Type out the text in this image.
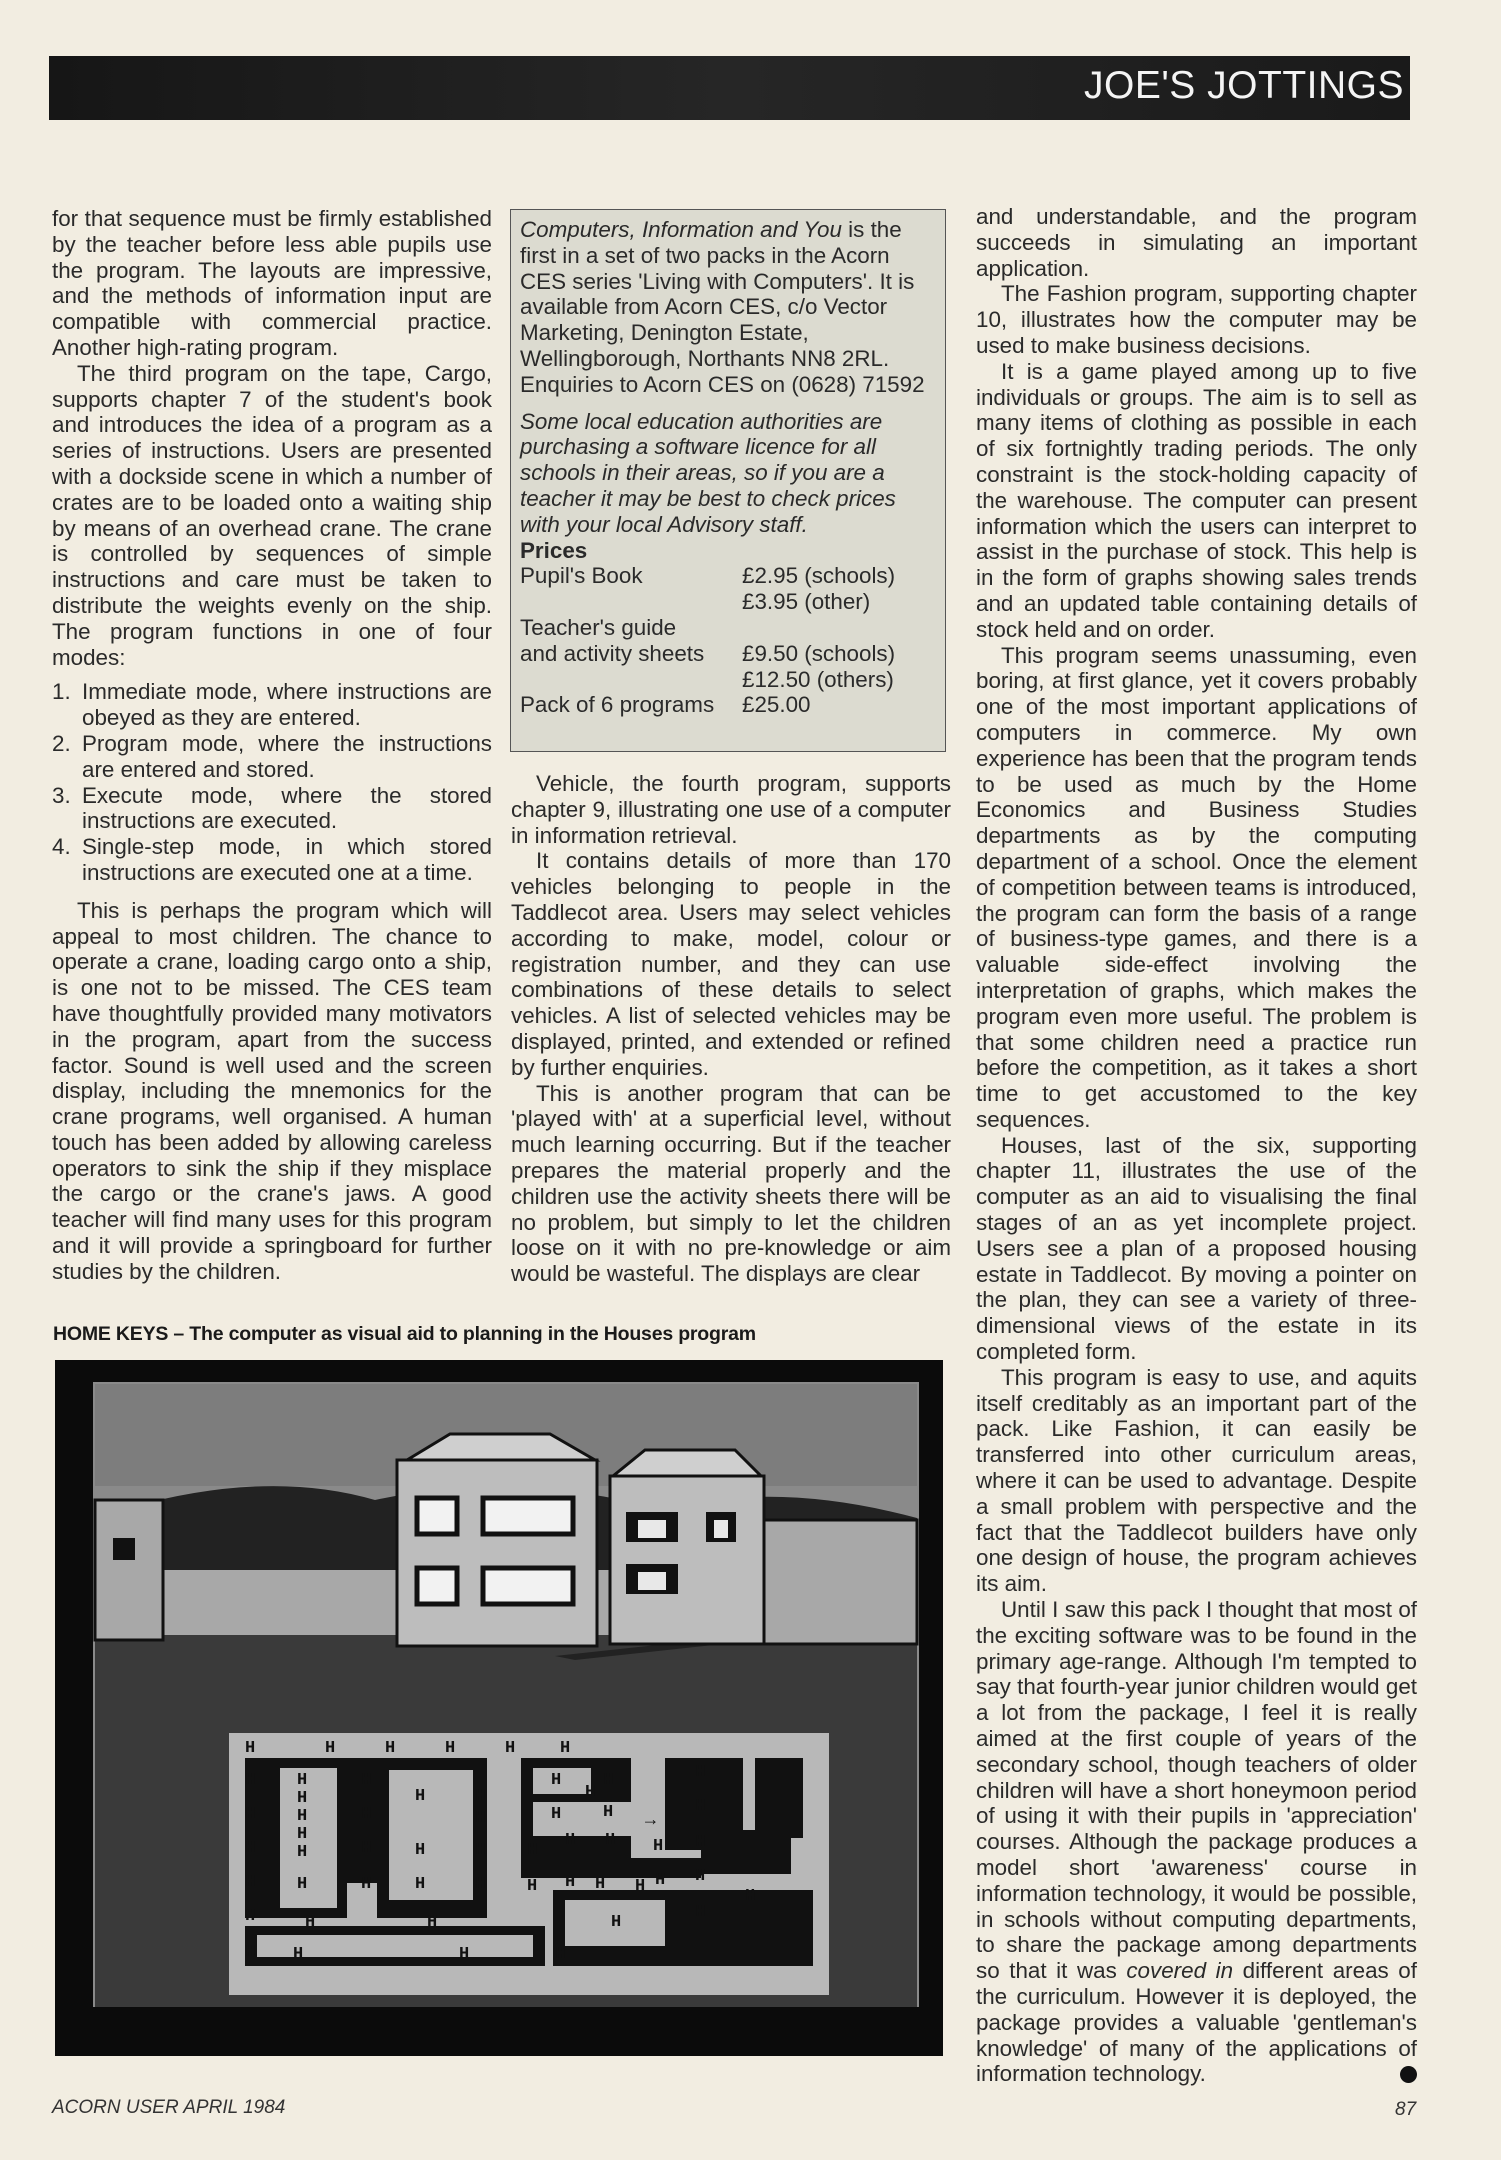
JOE'S JOTTINGS

for that sequence must be firmly established by the teacher before less able pupils use the program. The layouts are impressive, and the methods of information input are compatible with commercial practice. Another high-rating program.

The third program on the tape, Cargo, supports chapter 7 of the student's book and introduces the idea of a program as a series of instructions. Users are presented with a dockside scene in which a number of crates are to be loaded onto a waiting ship by means of an overhead crane. The crane is controlled by sequences of simple instructions and care must be taken to distribute the weights evenly on the ship. The program functions in one of four modes:

1. Immediate mode, where instructions are obeyed as they are entered.
2. Program mode, where the instructions are entered and stored.
3. Execute mode, where the stored instructions are executed.
4. Single-step mode, in which stored instructions are executed one at a time.

This is perhaps the program which will appeal to most children. The chance to operate a crane, loading cargo onto a ship, is one not to be missed. The CES team have thoughtfully provided many motivators in the program, apart from the success factor. Sound is well used and the screen display, including the mnemonics for the crane programs, well organised. A human touch has been added by allowing careless operators to sink the ship if they misplace the cargo or the crane's jaws. A good teacher will find many uses for this program and it will provide a springboard for further studies by the children.

Computers, Information and You is the first in a set of two packs in the Acorn CES series 'Living with Computers'. It is available from Acorn CES, c/o Vector Marketing, Denington Estate, Wellingborough, Northants NN8 2RL.

Enquiries to Acorn CES on (0628) 71592

Some local education authorities are purchasing a software licence for all schools in their areas, so if you are a teacher it may be best to check prices with your local Advisory staff.

Prices

Pupil's Book	£2.95 (schools)
	£3.95 (other)
Teacher's guide	
and activity sheets	£9.50 (schools)
	£12.50 (others)
Pack of 6 programs	£25.00

Vehicle, the fourth program, supports chapter 9, illustrating one use of a computer in information retrieval.

It contains details of more than 170 vehicles belonging to people in the Taddlecot area. Users may select vehicles according to make, model, colour or registration number, and they can use combinations of these details to select vehicles. A list of selected vehicles may be displayed, printed, and extended or refined by further enquiries.

This is another program that can be 'played with' at a superficial level, without much learning occurring. But if the teacher prepares the material properly and the children use the activity sheets there will be no problem, but simply to let the children loose on it with no pre-knowledge or aim would be wasteful. The displays are clear

and understandable, and the program succeeds in simulating an important application.

The Fashion program, supporting chapter 10, illustrates how the computer may be used to make business decisions.

It is a game played among up to five individuals or groups. The aim is to sell as many items of clothing as possible in each of six fortnightly trading periods. The only constraint is the stock-holding capacity of the warehouse. The computer can present information which the users can interpret to assist in the purchase of stock. This help is in the form of graphs showing sales trends and an updated table containing details of stock held and on order.

This program seems unassuming, even boring, at first glance, yet it covers probably one of the most important applications of computers in commerce. My own experience has been that the program tends to be used as much by the Home Economics and Business Studies departments as by the computing department of a school. Once the element of competition between teams is introduced, the program can form the basis of a range of business-type games, and there is a valuable side-effect involving the interpretation of graphs, which makes the program even more useful. The problem is that some children need a practice run before the competition, as it takes a short time to get accustomed to the key sequences.

Houses, last of the six, supporting chapter 11, illustrates the use of the computer as an aid to visualising the final stages of an as yet incomplete project. Users see a plan of a proposed housing estate in Taddlecot. By moving a pointer on the plan, they can see a variety of three-dimensional views of the estate in its completed form.

This program is easy to use, and aquits itself creditably as an important part of the pack. Like Fashion, it can easily be transferred into other curriculum areas, where it can be used to advantage. Despite a small problem with perspective and the fact that the Taddlecot builders have only one design of house, the program achieves its aim.

Until I saw this pack I thought that most of the exciting software was to be found in the primary age-range. Although I'm tempted to say that fourth-year junior children would get a lot from the package, I feel it is really aimed at the first couple of years of the secondary school, though teachers of older children will have a short honeymoon period of using it with their pupils in 'appreciation' courses. Although the package produces a model short 'awareness' course in information technology, it would be possible, in schools without computing departments, to share the package among departments so that it was covered in different areas of the curriculum. However it is deployed, the package provides a valuable 'gentleman's knowledge' of many of the applications of information technology.

HOME KEYS – The computer as visual aid to planning in the Houses program
→
H	H	H	H	H	H
H
H H
H
H
H
H
H	H
H
H
H
H
H	H	H	H H
H
H H	H	H	H H
H H H
H
H H	H	H	H H H H	H
H
H	H	H	H
H
H
H H	H	H
ACORN USER APRIL 1984	87
